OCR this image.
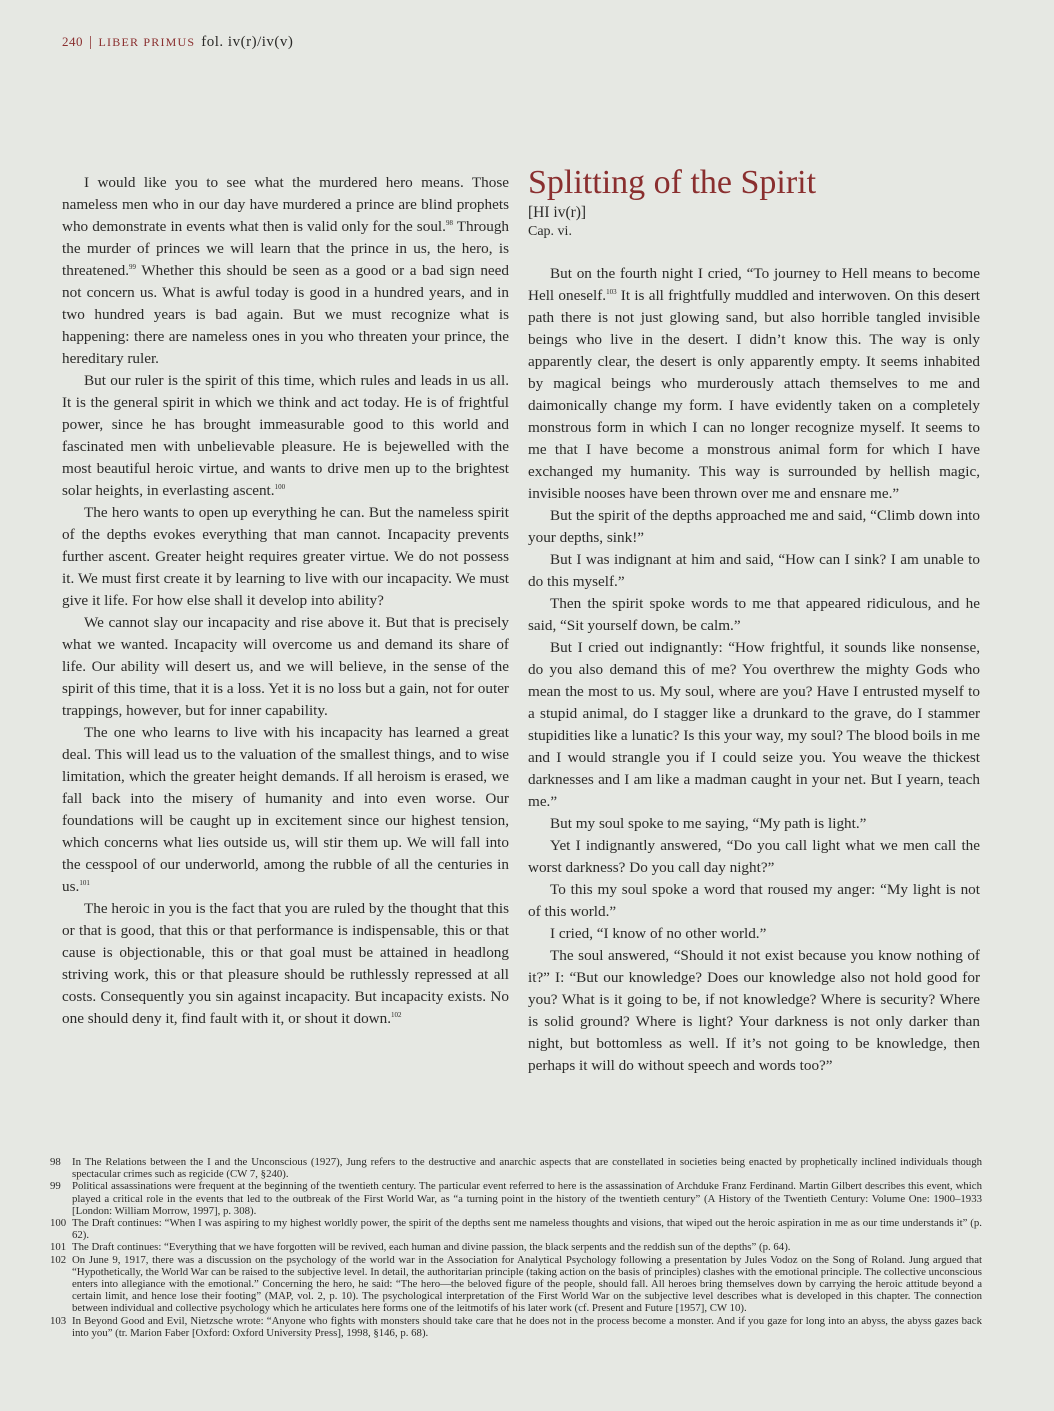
240 | LIBER PRIMUS fol. iv(r)/iv(v)

I would like you to see what the murdered hero means. Those nameless men who in our day have murdered a prince are blind prophets who demonstrate in events what then is valid only for the soul.$^{98}$ Through the murder of princes we will learn that the prince in us, the hero, is threatened.$^{99}$ Whether this should be seen as a good or a bad sign need not concern us. What is awful today is good in a hundred years, and in two hundred years is bad again. But we must recognize what is happening: there are nameless ones in you who threaten your prince, the hereditary ruler.

But our ruler is the spirit of this time, which rules and leads in us all. It is the general spirit in which we think and act today. He is of frightful power, since he has brought immeasurable good to this world and fascinated men with unbelievable pleasure. He is bejewelled with the most beautiful heroic virtue, and wants to drive men up to the brightest solar heights, in everlasting ascent.$^{100}$

The hero wants to open up everything he can. But the nameless spirit of the depths evokes everything that man cannot. Incapacity prevents further ascent. Greater height requires greater virtue. We do not possess it. We must first create it by learning to live with our incapacity. We must give it life. For how else shall it develop into ability?

We cannot slay our incapacity and rise above it. But that is precisely what we wanted. Incapacity will overcome us and demand its share of life. Our ability will desert us, and we will believe, in the sense of the spirit of this time, that it is a loss. Yet it is no loss but a gain, not for outer trappings, however, but for inner capability.

The one who learns to live with his incapacity has learned a great deal. This will lead us to the valuation of the smallest things, and to wise limitation, which the greater height demands. If all heroism is erased, we fall back into the misery of humanity and into even worse. Our foundations will be caught up in excitement since our highest tension, which concerns what lies outside us, will stir them up. We will fall into the cesspool of our underworld, among the rubble of all the centuries in us.$^{101}$

The heroic in you is the fact that you are ruled by the thought that this or that is good, that this or that performance is indispensable, this or that cause is objectionable, this or that goal must be attained in headlong striving work, this or that pleasure should be ruthlessly repressed at all costs. Consequently you sin against incapacity. But incapacity exists. No one should deny it, find fault with it, or shout it down.$^{102}$

Splitting of the Spirit
[HI iv(r)]
Cap. vi.

But on the fourth night I cried, “To journey to Hell means to become Hell oneself.$^{103}$ It is all frightfully muddled and interwoven. On this desert path there is not just glowing sand, but also horrible tangled invisible beings who live in the desert. I didn’t know this. The way is only apparently clear, the desert is only apparently empty. It seems inhabited by magical beings who murderously attach themselves to me and daimonically change my form. I have evidently taken on a completely monstrous form in which I can no longer recognize myself. It seems to me that I have become a monstrous animal form for which I have exchanged my humanity. This way is surrounded by hellish magic, invisible nooses have been thrown over me and ensnare me.”

But the spirit of the depths approached me and said, “Climb down into your depths, sink!”

But I was indignant at him and said, “How can I sink? I am unable to do this myself.”

Then the spirit spoke words to me that appeared ridiculous, and he said, “Sit yourself down, be calm.”

But I cried out indignantly: “How frightful, it sounds like nonsense, do you also demand this of me? You overthrew the mighty Gods who mean the most to us. My soul, where are you? Have I entrusted myself to a stupid animal, do I stagger like a drunkard to the grave, do I stammer stupidities like a lunatic? Is this your way, my soul? The blood boils in me and I would strangle you if I could seize you. You weave the thickest darknesses and I am like a madman caught in your net. But I yearn, teach me.”

But my soul spoke to me saying, “My path is light.”

Yet I indignantly answered, “Do you call light what we men call the worst darkness? Do you call day night?”

To this my soul spoke a word that roused my anger: “My light is not of this world.”

I cried, “I know of no other world.”

The soul answered, “Should it not exist because you know nothing of it?” I: “But our knowledge? Does our knowledge also not hold good for you? What is it going to be, if not knowledge? Where is security? Where is solid ground? Where is light? Your darkness is not only darker than night, but bottomless as well. If it’s not going to be knowledge, then perhaps it will do without speech and words too?”

98	In The Relations between the I and the Unconscious (1927), Jung refers to the destructive and anarchic aspects that are constellated in societies being enacted by prophetically inclined individuals though spectacular crimes such as regicide (CW 7, §240).
99	Political assassinations were frequent at the beginning of the twentieth century. The particular event referred to here is the assassination of Archduke Franz Ferdinand. Martin Gilbert describes this event, which played a critical role in the events that led to the outbreak of the First World War, as “a turning point in the history of the twentieth century” (A History of the Twentieth Century: Volume One: 1900–1933 [London: William Morrow, 1997], p. 308).
100 The Draft continues: “When I was aspiring to my highest worldly power, the spirit of the depths sent me nameless thoughts and visions, that wiped out the heroic aspiration in me as our time understands it” (p. 62).
101 The Draft continues: “Everything that we have forgotten will be revived, each human and divine passion, the black serpents and the reddish sun of the depths” (p. 64).
102 On June 9, 1917, there was a discussion on the psychology of the world war in the Association for Analytical Psychology following a presentation by Jules Vodoz on the Song of Roland. Jung argued that “Hypothetically, the World War can be raised to the subjective level. In detail, the authoritarian principle (taking action on the basis of principles) clashes with the emotional principle. The collective unconscious enters into allegiance with the emotional.” Concerning the hero, he said: “The hero—the beloved figure of the people, should fall. All heroes bring themselves down by carrying the heroic attitude beyond a certain limit, and hence lose their footing” (MAP, vol. 2, p. 10). The psychological interpretation of the First World War on the subjective level describes what is developed in this chapter. The connection between individual and collective psychology which he articulates here forms one of the leitmotifs of his later work (cf. Present and Future [1957], CW 10).
103 In Beyond Good and Evil, Nietzsche wrote: “Anyone who fights with monsters should take care that he does not in the process become a monster. And if you gaze for long into an abyss, the abyss gazes back into you” (tr. Marion Faber [Oxford: Oxford University Press], 1998, §146, p. 68).
